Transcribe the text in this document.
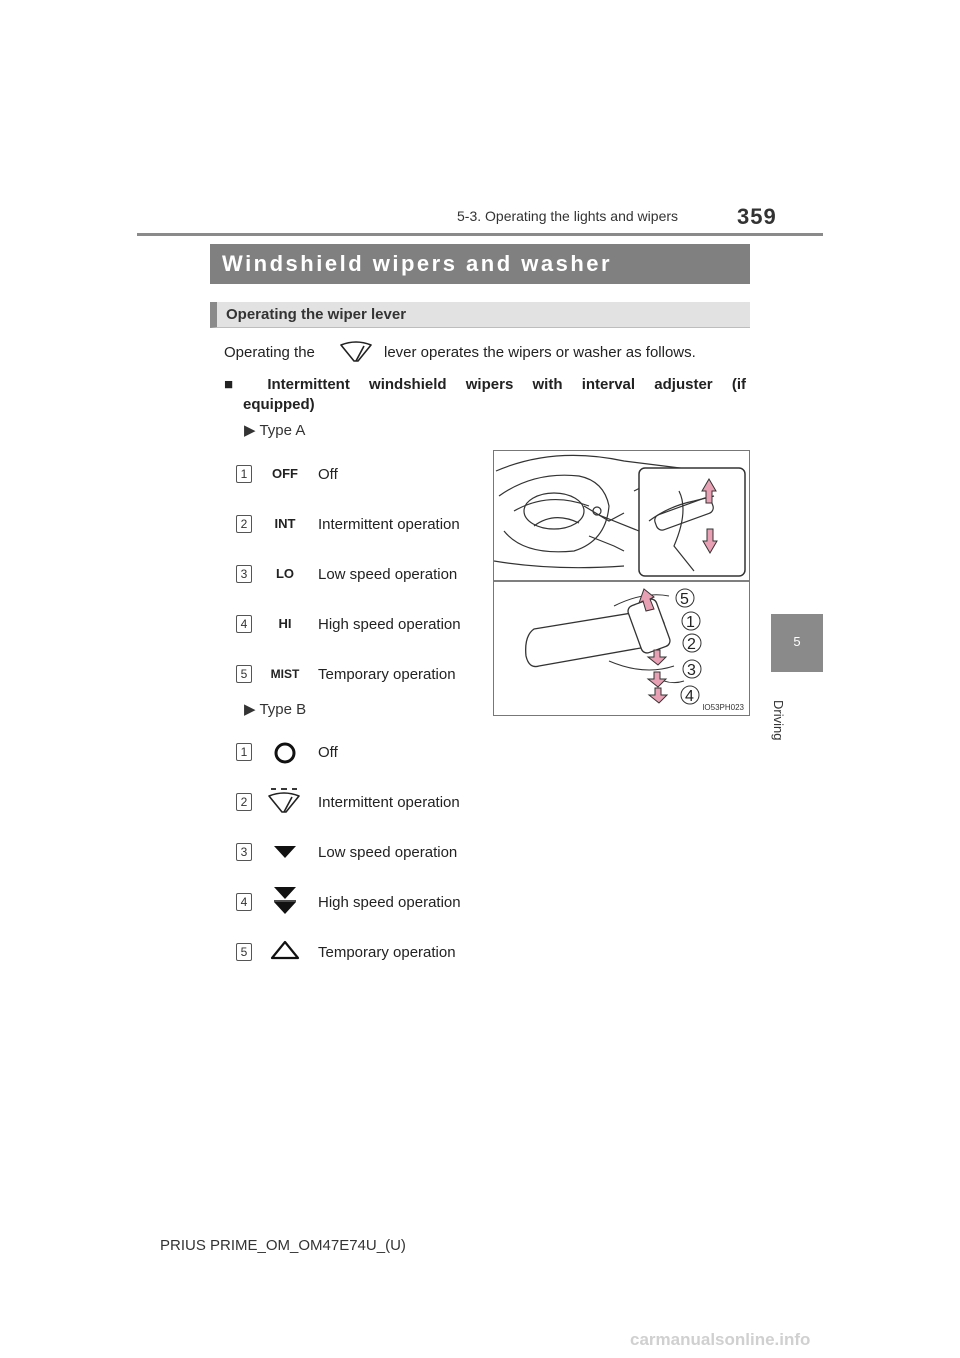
5-3. Operating the lights and wipers	359
5
Driving
Windshield wipers and washer
Operating the wiper lever
Operating the	lever operates the wipers or washer as follows.
■ Intermittent windshield wipers with interval adjuster (if
equipped)
▶ Type A
1	OFF	Off
2	INT	Intermittent operation
3	LO	Low speed operation
4	HI	High speed operation
5	MIST	Temporary operation
▶ Type B
1	Off
2	Intermittent operation
3	Low speed operation
4	High speed operation
5	Temporary operation
5
1
2
3
4
IO53PH023
PRIUS PRIME_OM_OM47E74U_(U)
carmanualsonline.info
